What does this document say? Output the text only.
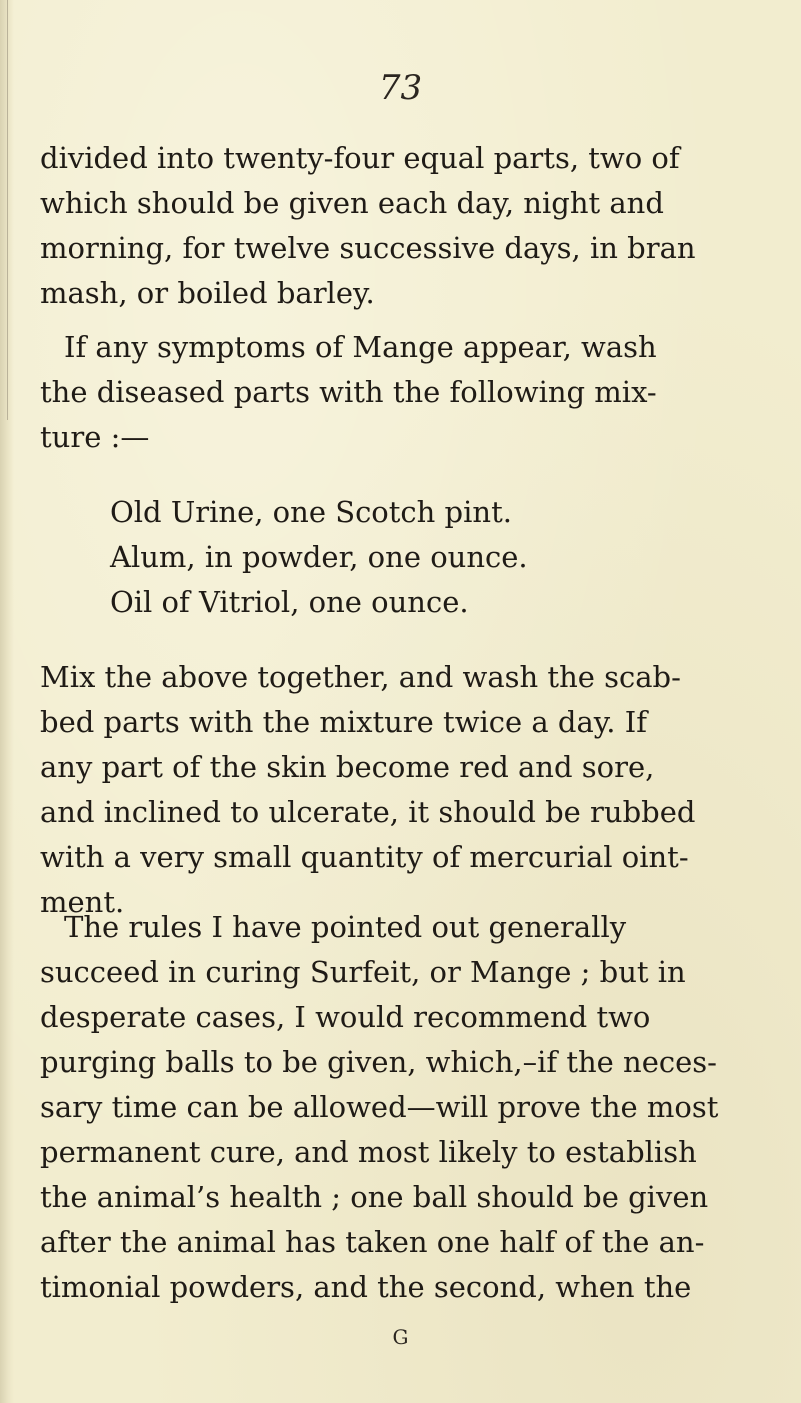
73
divided into twenty-four equal parts, two of
which should be given each day, night and
morning, for twelve successive days, in bran
mash, or boiled barley.
If any symptoms of Mange appear, wash
the diseased parts with the following mix-
ture :—
Old Urine, one Scotch pint.
Alum, in powder, one ounce.
Oil of Vitriol, one ounce.
Mix the above together, and wash the scab-
bed parts with the mixture twice a day. If
any part of the skin become red and sore,
and inclined to ulcerate, it should be rubbed
with a very small quantity of mercurial oint-
ment.
The rules I have pointed out generally
succeed in curing Surfeit, or Mange ; but in
desperate cases, I would recommend two
purging balls to be given, which,–if the neces-
sary time can be allowed—will prove the most
permanent cure, and most likely to establish
the animal’s health ; one ball should be given
after the animal has taken one half of the an-
timonial powders, and the second, when the
G
